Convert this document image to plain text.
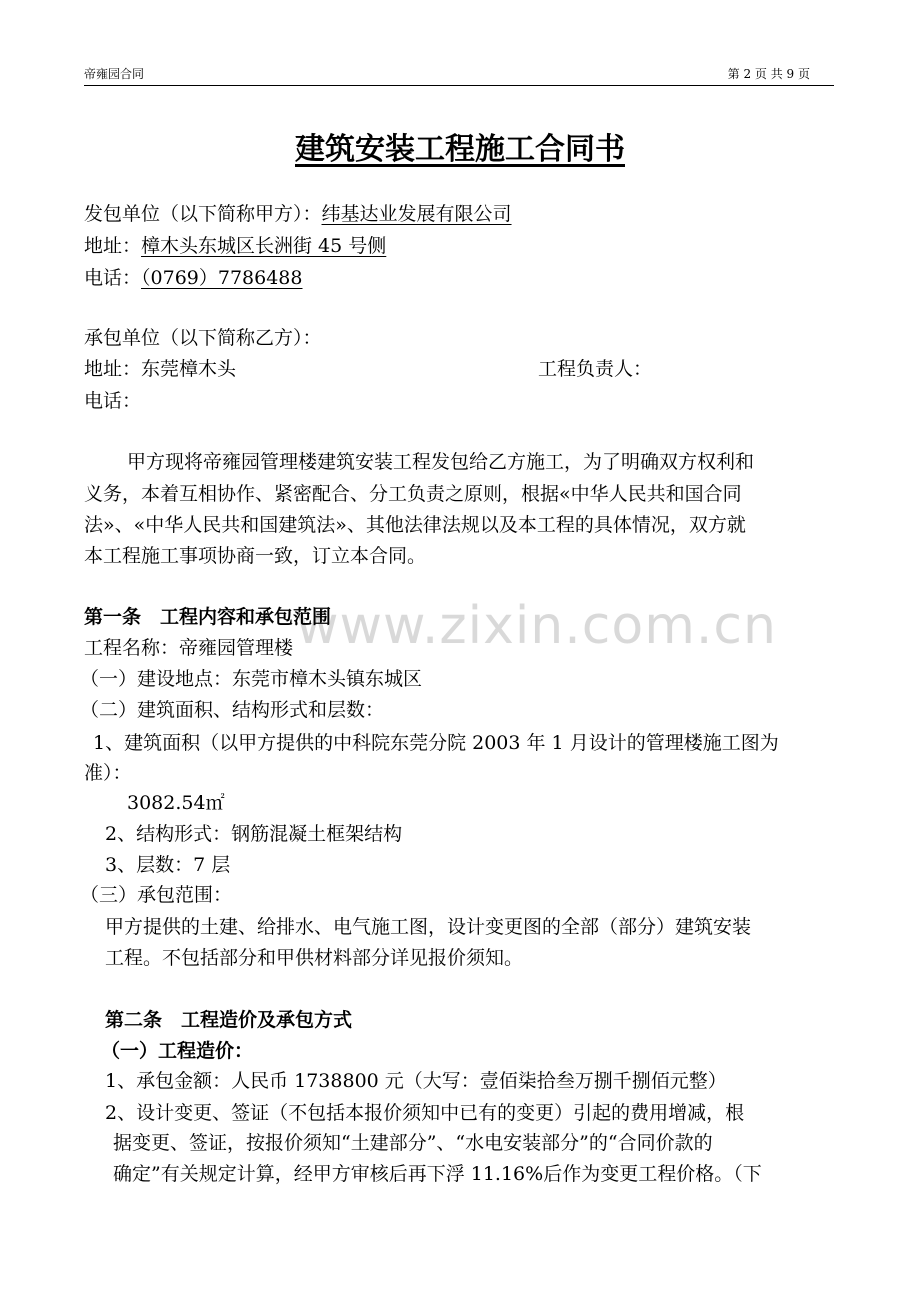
帝雍园合同	第 2 页 共 9 页
建筑安装工程施工合同书
发包单位（以下简称甲方）：纬基达业发展有限公司
地址：樟木头东城区长洲街 45 号侧
电话：（0769）7786488
承包单位（以下简称乙方）：
地址：东莞樟木头	工程负责人：
电话：
甲方现将帝雍园管理楼建筑安装工程发包给乙方施工，为了明确双方权利和
义务，本着互相协作、紧密配合、分工负责之原则，根据«中华人民共和国合同
法»、«中华人民共和国建筑法»、其他法律法规以及本工程的具体情况，双方就
本工程施工事项协商一致，订立本合同。
www.zixin.com.cn
第一条　工程内容和承包范围
工程名称：帝雍园管理楼
（一）建设地点：东莞市樟木头镇东城区
（二）建筑面积、结构形式和层数：
1、建筑面积（以甲方提供的中科院东莞分院 2003 年 1 月设计的管理楼施工图为
准）：
3082.54㎡
2、结构形式：钢筋混凝土框架结构
3、层数：7 层
（三）承包范围：
甲方提供的土建、给排水、电气施工图，设计变更图的全部（部分）建筑安装
工程。不包括部分和甲供材料部分详见报价须知。
第二条　工程造价及承包方式
（一）工程造价：
1、承包金额：人民币 1738800 元（大写：壹佰柒拾叁万捌千捌佰元整）
2、设计变更、签证（不包括本报价须知中已有的变更）引起的费用增减，根
据变更、签证，按报价须知“土建部分”、“水电安装部分”的“合同价款的
确定”有关规定计算，经甲方审核后再下浮 11.16%后作为变更工程价格。（下
